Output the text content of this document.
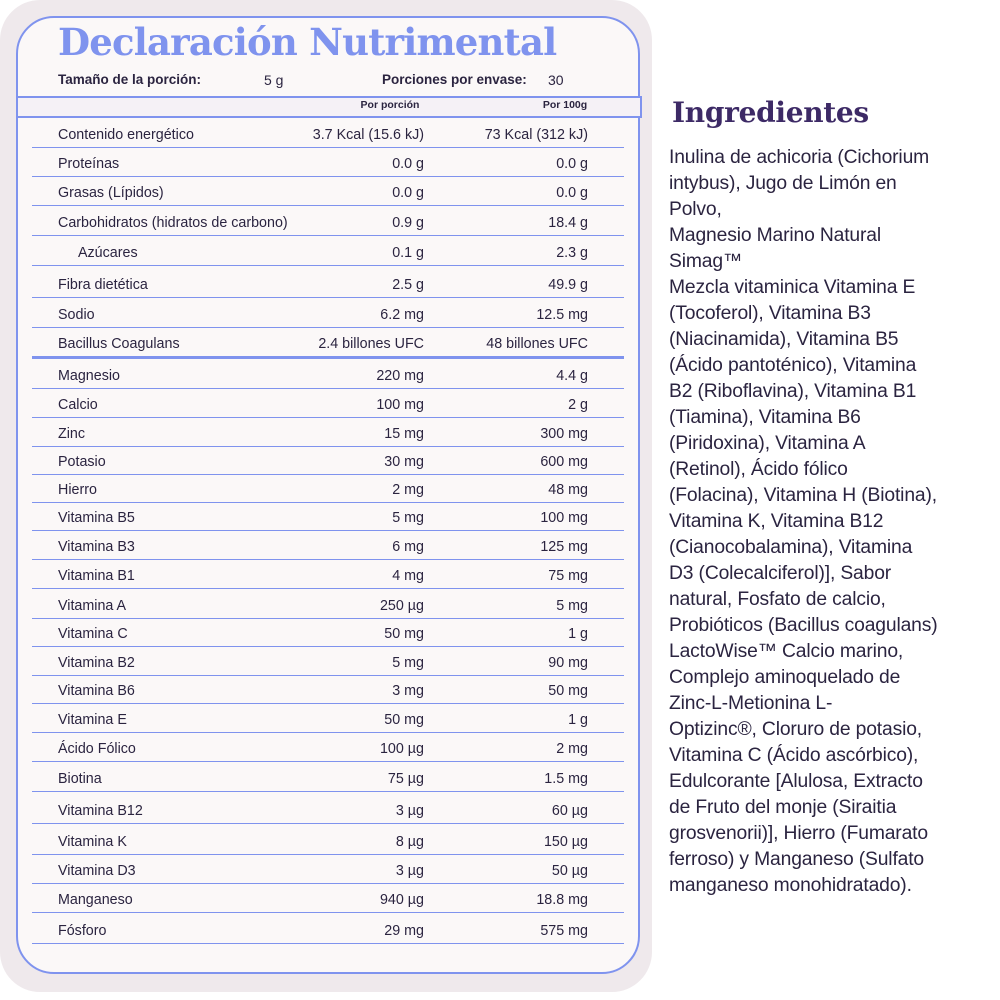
Declaración Nutrimental
Tamaño de la porción:	5 g	Porciones por envase: 30
Por porción	Por 100g
Contenido energético	3.7 Kcal (15.6 kJ)	73 Kcal (312 kJ)
Proteínas	0.0 g	0.0 g
Grasas (Lípidos)	0.0 g	0.0 g
Carbohidratos (hidratos de carbono)	0.9 g	18.4 g
Azúcares	0.1 g	2.3 g
Fibra dietética	2.5 g	49.9 g
Sodio	6.2 mg	12.5 mg
Bacillus Coagulans	2.4 billones UFC	48 billones UFC
Magnesio	220 mg	4.4 g
Calcio	100 mg	2 g
Zinc	15 mg	300 mg
Potasio	30 mg	600 mg
Hierro	2 mg	48 mg
Vitamina B5	5 mg	100 mg
Vitamina B3	6 mg	125 mg
Vitamina B1	4 mg	75 mg
Vitamina A	250 µg	5 mg
Vitamina C	50 mg	1 g
Vitamina B2	5 mg	90 mg
Vitamina B6	3 mg	50 mg
Vitamina E	50 mg	1 g
Ácido Fólico	100 µg	2 mg
Biotina	75 µg	1.5 mg
Vitamina B12	3 µg	60 µg
Vitamina K	8 µg	150 µg
Vitamina D3	3 µg	50 µg
Manganeso	940 µg	18.8 mg
Fósforo	29 mg	575 mg
Ingredientes
Inulina de achicoria (Cichorium
intybus), Jugo de Limón en
Polvo,
Magnesio Marino Natural
Simag™
Mezcla vitaminica Vitamina E
(Tocoferol), Vitamina B3
(Niacinamida), Vitamina B5
(Ácido pantoténico), Vitamina
B2 (Riboflavina), Vitamina B1
(Tiamina), Vitamina B6
(Piridoxina), Vitamina A
(Retinol), Ácido fólico
(Folacina), Vitamina H (Biotina),
Vitamina K, Vitamina B12
(Cianocobalamina), Vitamina
D3 (Colecalciferol)], Sabor
natural, Fosfato de calcio,
Probióticos (Bacillus coagulans)
LactoWise™ Calcio marino,
Complejo aminoquelado de
Zinc-L-Metionina L-
Optizinc®, Cloruro de potasio,
Vitamina C (Ácido ascórbico),
Edulcorante [Alulosa, Extracto
de Fruto del monje (Siraitia
grosvenorii)], Hierro (Fumarato
ferroso) y Manganeso (Sulfato
manganeso monohidratado).
